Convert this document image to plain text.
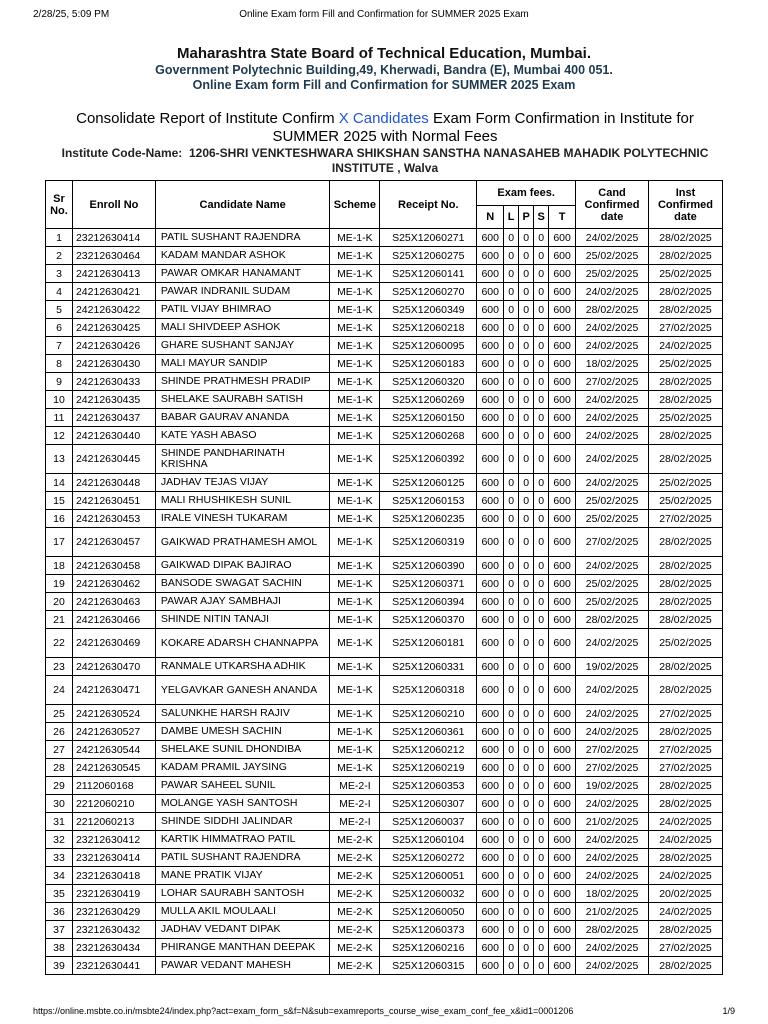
2/28/25, 5:09 PM	Online Exam form Fill and Confirmation for SUMMER 2025 Exam
Maharashtra State Board of Technical Education, Mumbai.
Government Polytechnic Building,49, Kherwadi, Bandra (E), Mumbai 400 051.
Online Exam form Fill and Confirmation for SUMMER 2025 Exam
Consolidate Report of Institute Confirm X Candidates Exam Form Confirmation in Institute for SUMMER 2025 with Normal Fees
Institute Code-Name: 1206-SHRI VENKTESHWARA SHIKSHAN SANSTHA NANASAHEB MAHADIK POLYTECHNIC INSTITUTE , Walva
Sr No.	Enroll No	Candidate Name	Scheme	Receipt No.	Exam fees.					Cand Confirmed date	Inst Confirmed date
					N	L	P	S	T		
1	23212630414	PATIL SUSHANT RAJENDRA	ME-1-K	S25X12060271	600	0	0	0	600	24/02/2025	28/02/2025
2	23212630464	KADAM MANDAR ASHOK	ME-1-K	S25X12060275	600	0	0	0	600	25/02/2025	28/02/2025
3	24212630413	PAWAR OMKAR HANAMANT	ME-1-K	S25X12060141	600	0	0	0	600	25/02/2025	25/02/2025
4	24212630421	PAWAR INDRANIL SUDAM	ME-1-K	S25X12060270	600	0	0	0	600	24/02/2025	28/02/2025
5	24212630422	PATIL VIJAY BHIMRAO	ME-1-K	S25X12060349	600	0	0	0	600	28/02/2025	28/02/2025
6	24212630425	MALI SHIVDEEP ASHOK	ME-1-K	S25X12060218	600	0	0	0	600	24/02/2025	27/02/2025
7	24212630426	GHARE SUSHANT SANJAY	ME-1-K	S25X12060095	600	0	0	0	600	24/02/2025	24/02/2025
8	24212630430	MALI MAYUR SANDIP	ME-1-K	S25X12060183	600	0	0	0	600	18/02/2025	25/02/2025
9	24212630433	SHINDE PRATHMESH PRADIP	ME-1-K	S25X12060320	600	0	0	0	600	27/02/2025	28/02/2025
10	24212630435	SHELAKE SAURABH SATISH	ME-1-K	S25X12060269	600	0	0	0	600	24/02/2025	28/02/2025
11	24212630437	BABAR GAURAV ANANDA	ME-1-K	S25X12060150	600	0	0	0	600	24/02/2025	25/02/2025
12	24212630440	KATE YASH ABASO	ME-1-K	S25X12060268	600	0	0	0	600	24/02/2025	28/02/2025
13	24212630445	SHINDE PANDHARINATH KRISHNA	ME-1-K	S25X12060392	600	0	0	0	600	24/02/2025	28/02/2025
14	24212630448	JADHAV TEJAS VIJAY	ME-1-K	S25X12060125	600	0	0	0	600	24/02/2025	25/02/2025
15	24212630451	MALI RHUSHIKESH SUNIL	ME-1-K	S25X12060153	600	0	0	0	600	25/02/2025	25/02/2025
16	24212630453	IRALE VINESH TUKARAM	ME-1-K	S25X12060235	600	0	0	0	600	25/02/2025	27/02/2025
17	24212630457	GAIKWAD PRATHAMESH AMOL	ME-1-K	S25X12060319	600	0	0	0	600	27/02/2025	28/02/2025
18	24212630458	GAIKWAD DIPAK BAJIRAO	ME-1-K	S25X12060390	600	0	0	0	600	24/02/2025	28/02/2025
19	24212630462	BANSODE SWAGAT SACHIN	ME-1-K	S25X12060371	600	0	0	0	600	25/02/2025	28/02/2025
20	24212630463	PAWAR AJAY SAMBHAJI	ME-1-K	S25X12060394	600	0	0	0	600	25/02/2025	28/02/2025
21	24212630466	SHINDE NITIN TANAJI	ME-1-K	S25X12060370	600	0	0	0	600	28/02/2025	28/02/2025
22	24212630469	KOKARE ADARSH CHANNAPPA	ME-1-K	S25X12060181	600	0	0	0	600	24/02/2025	25/02/2025
23	24212630470	RANMALE UTKARSHA ADHIK	ME-1-K	S25X12060331	600	0	0	0	600	19/02/2025	28/02/2025
24	24212630471	YELGAVKAR GANESH ANANDA	ME-1-K	S25X12060318	600	0	0	0	600	24/02/2025	28/02/2025
25	24212630524	SALUNKHE HARSH RAJIV	ME-1-K	S25X12060210	600	0	0	0	600	24/02/2025	27/02/2025
26	24212630527	DAMBE UMESH SACHIN	ME-1-K	S25X12060361	600	0	0	0	600	24/02/2025	28/02/2025
27	24212630544	SHELAKE SUNIL DHONDIBA	ME-1-K	S25X12060212	600	0	0	0	600	27/02/2025	27/02/2025
28	24212630545	KADAM PRAMIL JAYSING	ME-1-K	S25X12060219	600	0	0	0	600	27/02/2025	27/02/2025
29	2112060168	PAWAR SAHEEL SUNIL	ME-2-I	S25X12060353	600	0	0	0	600	19/02/2025	28/02/2025
30	2212060210	MOLANGE YASH SANTOSH	ME-2-I	S25X12060307	600	0	0	0	600	24/02/2025	28/02/2025
31	2212060213	SHINDE SIDDHI JALINDAR	ME-2-I	S25X12060037	600	0	0	0	600	21/02/2025	24/02/2025
32	23212630412	KARTIK HIMMATRAO PATIL	ME-2-K	S25X12060104	600	0	0	0	600	24/02/2025	24/02/2025
33	23212630414	PATIL SUSHANT RAJENDRA	ME-2-K	S25X12060272	600	0	0	0	600	24/02/2025	28/02/2025
34	23212630418	MANE PRATIK VIJAY	ME-2-K	S25X12060051	600	0	0	0	600	24/02/2025	24/02/2025
35	23212630419	LOHAR SAURABH SANTOSH	ME-2-K	S25X12060032	600	0	0	0	600	18/02/2025	20/02/2025
36	23212630429	MULLA AKIL MOULAALI	ME-2-K	S25X12060050	600	0	0	0	600	21/02/2025	24/02/2025
37	23212630432	JADHAV VEDANT DIPAK	ME-2-K	S25X12060373	600	0	0	0	600	28/02/2025	28/02/2025
38	23212630434	PHIRANGE MANTHAN DEEPAK	ME-2-K	S25X12060216	600	0	0	0	600	24/02/2025	27/02/2025
39	23212630441	PAWAR VEDANT MAHESH	ME-2-K	S25X12060315	600	0	0	0	600	24/02/2025	28/02/2025
https://online.msbte.co.in/msbte24/index.php?act=exam_form_s&f=N&sub=examreports_course_wise_exam_conf_fee_x&id1=0001206	1/9
